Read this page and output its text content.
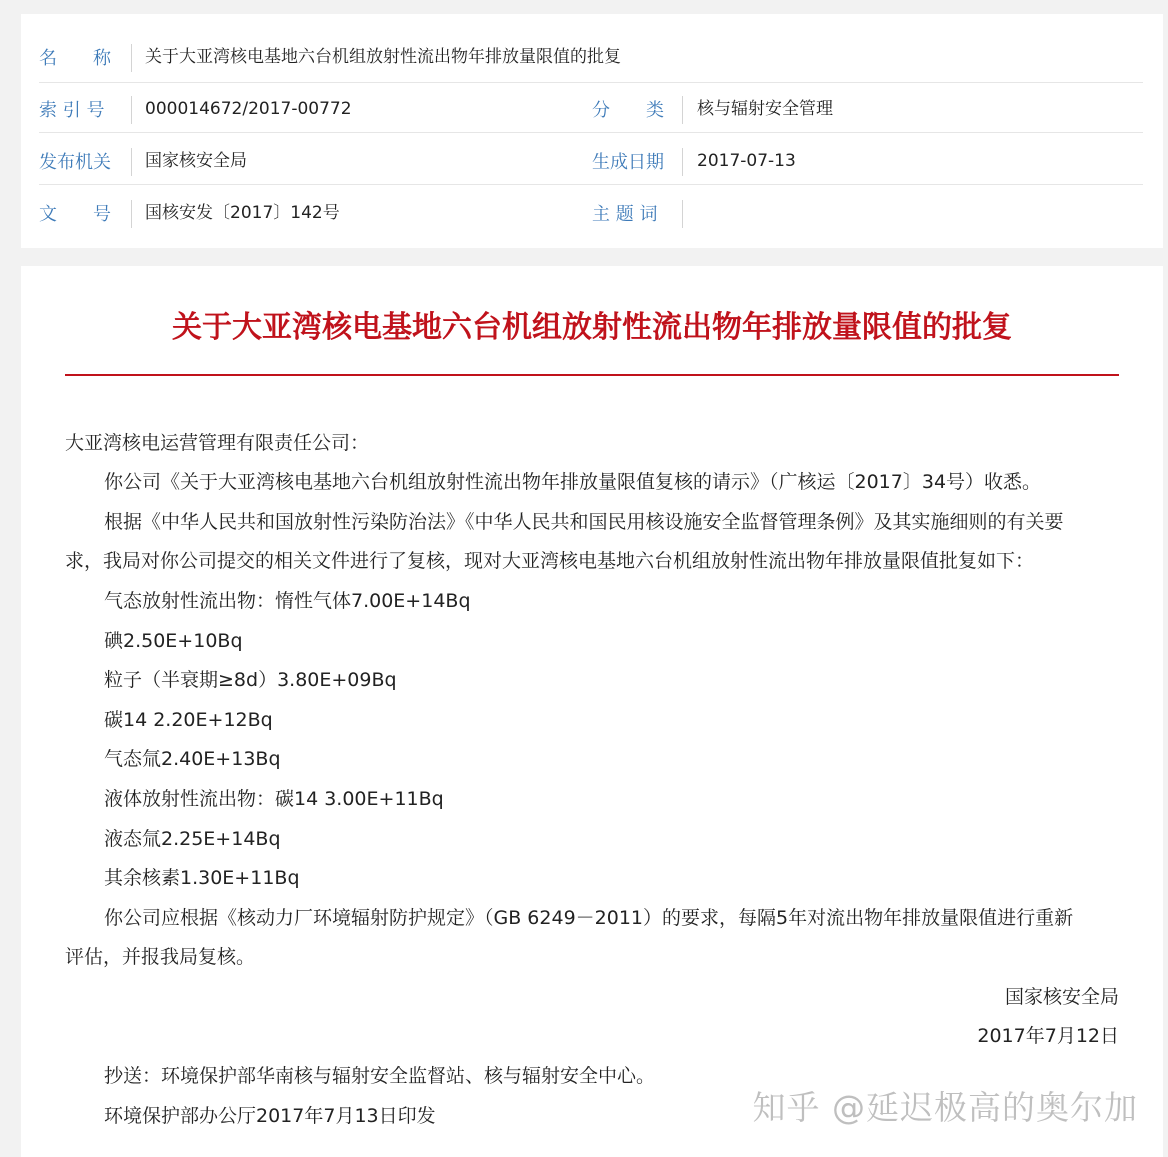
名　　称 关于大亚湾核电基地六台机组放射性流出物年排放量限值的批复
索 引 号 000014672/2017-00772	分　　类 核与辐射安全管理
发布机关 国家核安全局	生成日期 2017-07-13
文　　号 国核安发〔2017〕142号	主 题 词
关于大亚湾核电基地六台机组放射性流出物年排放量限值的批复
大亚湾核电运营管理有限责任公司：
你公司《关于大亚湾核电基地六台机组放射性流出物年排放量限值复核的请示》（广核运〔2017〕34号）收悉。
根据《中华人民共和国放射性污染防治法》《中华人民共和国民用核设施安全监督管理条例》及其实施细则的有关要
求，我局对你公司提交的相关文件进行了复核，现对大亚湾核电基地六台机组放射性流出物年排放量限值批复如下：
气态放射性流出物：惰性气体7.00E+14Bq
碘2.50E+10Bq
粒子（半衰期≥8d）3.80E+09Bq
碳14 2.20E+12Bq
气态氚2.40E+13Bq
液体放射性流出物：碳14 3.00E+11Bq
液态氚2.25E+14Bq
其余核素1.30E+11Bq
你公司应根据《核动力厂环境辐射防护规定》（GB 6249－2011）的要求，每隔5年对流出物年排放量限值进行重新
评估，并报我局复核。
国家核安全局
2017年7月12日
抄送：环境保护部华南核与辐射安全监督站、核与辐射安全中心。
环境保护部办公厅2017年7月13日印发	知乎 @延迟极高的奥尔加
